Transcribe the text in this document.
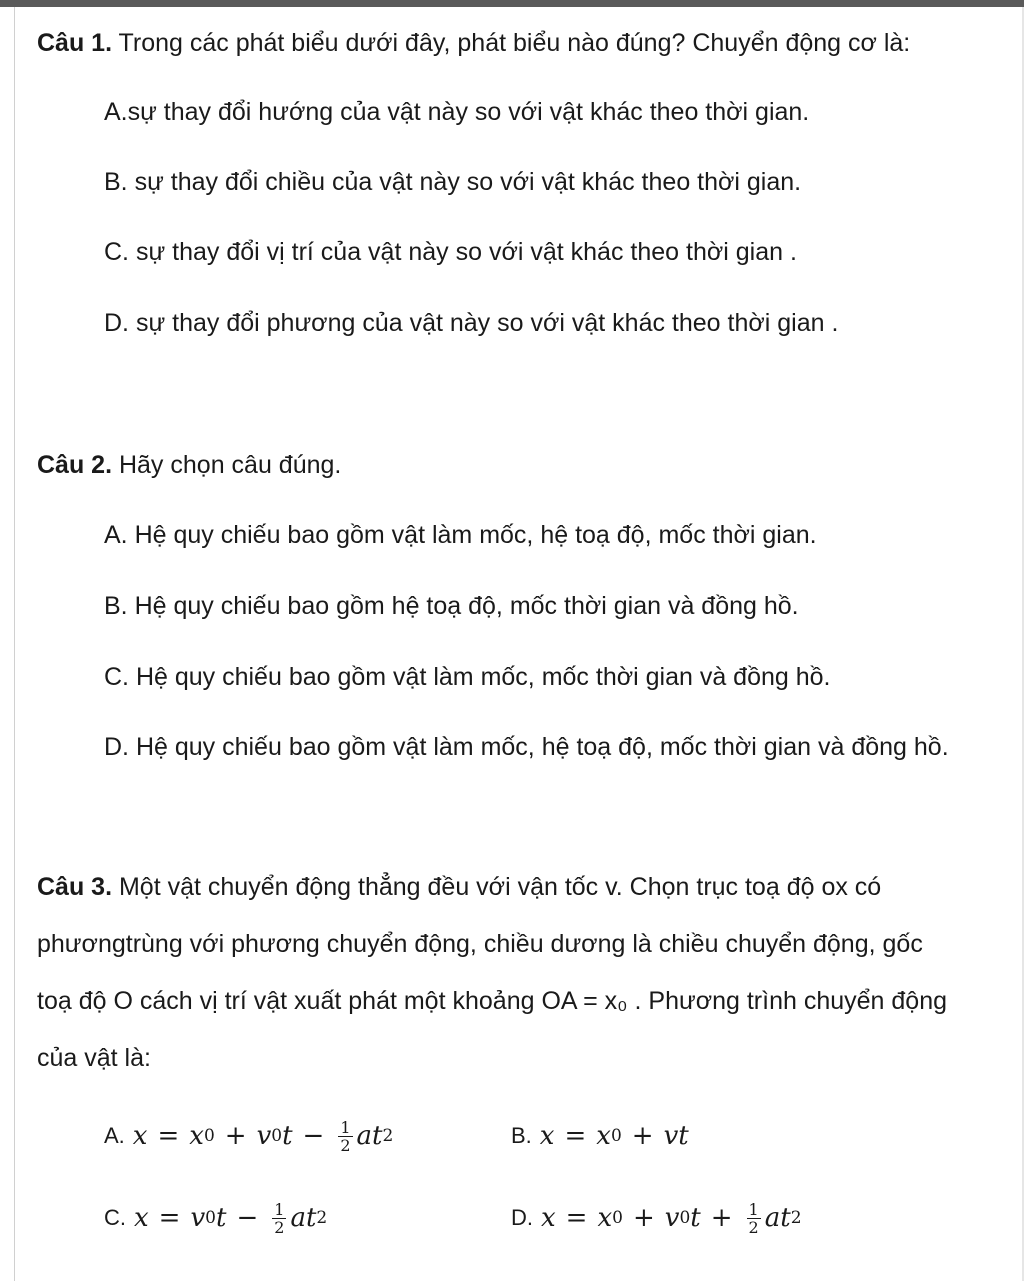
Câu 1. Trong các phát biểu dưới đây, phát biểu nào đúng? Chuyển động cơ là:
A.sự thay đổi hướng của vật này so với vật khác theo thời gian.
B. sự thay đổi chiều của vật này so với vật khác theo thời gian.
C. sự thay đổi vị trí của vật này so với vật khác theo thời gian .
D. sự thay đổi phương của vật này so với vật khác theo thời gian .
Câu 2. Hãy chọn câu đúng.
A. Hệ quy chiếu bao gồm vật làm mốc, hệ toạ độ, mốc thời gian.
B. Hệ quy chiếu bao gồm hệ toạ độ, mốc thời gian và đồng hồ.
C. Hệ quy chiếu bao gồm vật làm mốc, mốc thời gian và đồng hồ.
D. Hệ quy chiếu bao gồm vật làm mốc, hệ toạ độ, mốc thời gian và đồng hồ.
Câu 3. Một vật chuyển động thẳng đều với vận tốc v. Chọn trục toạ độ ox có
phươngtrùng với phương chuyển động, chiều dương là chiều chuyển động, gốc
toạ độ O cách vị trí vật xuất phát một khoảng OA = x₀ . Phương trình chuyển động
của vật là:
A. x = x 0 + v 0 $t - \frac{1}{2}$ a t 2	B. x = x 0 + v t
C. x = v 0 $t - \frac{1}{2}$ a t 2	D. x = x 0 + v 0 $t + \frac{1}{2}$ a t 2
